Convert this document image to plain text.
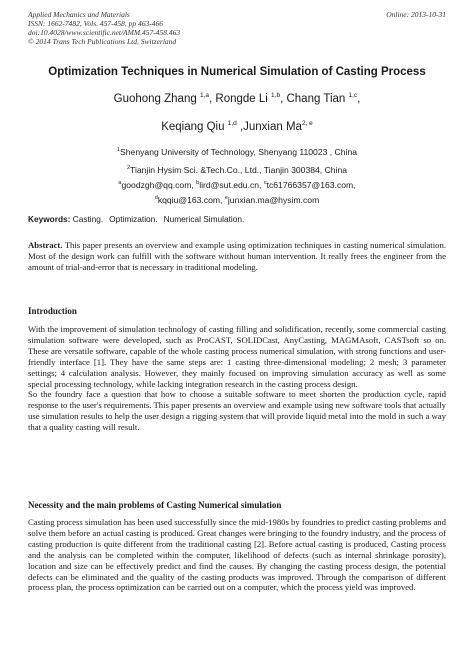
Applied Mechanics and Materials	Online: 2013-10-31
ISSN: 1662-7482, Vols. 457-458, pp 463-466
doi:10.4028/www.scientific.net/AMM.457-458.463
© 2014 Trans Tech Publications Ltd, Switzerland
Optimization Techniques in Numerical Simulation of Casting Process
Guohong Zhang $^{1,a}$, Rongde Li $^{1,b}$, Chang Tian $^{1,c}$,
Keqiang Qiu $^{1,d}$ ,Junxian Ma$^{2, e}$
$^1$Shenyang University of Technology, Shenyang 110023 , China
$^2$Tianjin Hysim Sci. &Tech.Co., Ltd., Tianjin 300384, China
$^a$goodzgh@qq.com, $^b$lird@sut.edu.cn, $^c$tc61766357@163.com,
$^d$kqqiu@163.com, $^e$junxian.ma@hysim.com
Keywords: Casting. Optimization. Numerical Simulation.

Abstract. This paper presents an overview and example using optimization techniques in casting numerical simulation. Most of the design work can fulfill with the software without human intervention. It really frees the engineer from the amount of trial-and-error that is necessary in traditional modeling.

Introduction

With the improvement of simulation technology of casting filling and solidification, recently, some commercial casting simulation software were developed, such as ProCAST, SOLIDCast, AnyCasting, MAGMAsoft, CASTsoft so on. These are versatile software, capable of the whole casting process numerical simulation, with strong functions and user-friendly interface [1]. They have the same steps are: 1 casting three-dimensional modeling; 2 mesh; 3 parameter settings; 4 calculation analysis. However, they mainly focused on improving simulation accuracy as well as some special processing technology, while lacking integration research in the casting process design.

So the foundry face a question that how to choose a suitable software to meet shorten the production cycle, rapid response to the user's requirements. This paper presents an overview and example using new software tools that actually use simulation results to help the user design a rigging system that will provide liquid metal into the mold in such a way that a quality casting will result.

Necessity and the main problems of Casting Numerical simulation

Casting process simulation has been used successfully since the mid-1980s by foundries to predict casting problems and solve them before an actual casting is produced. Great changes were bringing to the foundry industry, and the process of casting production is quite different from the traditional casting [2]. Before actual casting is produced, Casting process and the analysis can be completed within the computer, likelihood of defects (such as internal shrinkage porosity), location and size can be effectively predict and find the causes. By changing the casting process design, the potential defects can be eliminated and the quality of the casting products was improved. Through the comparison of different process plan, the process optimization can be carried out on a computer, which the process yield was improved.
